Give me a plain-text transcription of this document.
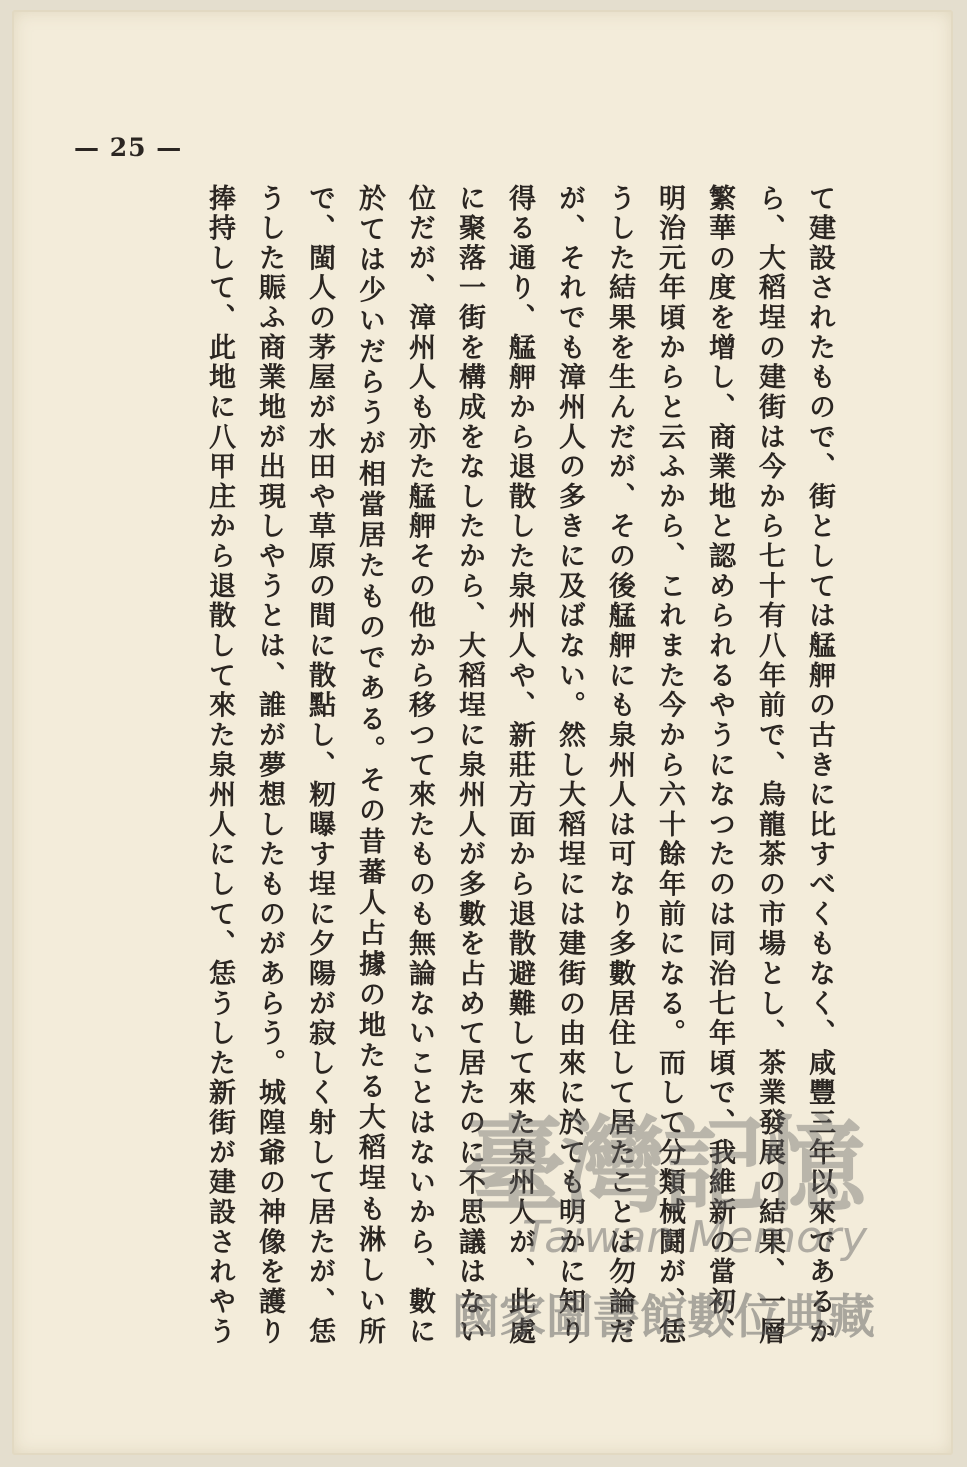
— 25 —

て建設されたもので、街としては艋舺の古きに比すべくもなく、咸豐三年以來であるか

ら、大稻埕の建街は今から七十有八年前で、烏龍茶の市場とし、茶業發展の結果、一層

繁華の度を增し、商業地と認められるやうになつたのは同治七年頃で、我維新の當初、

明治元年頃からと云ふから、これまた今から六十餘年前になる。而して分類械鬪が、恁

うした結果を生んだが、その後艋舺にも泉州人は可なり多數居住して居たことは勿論だ

が、それでも漳州人の多きに及ばない。然し大稻埕には建街の由來に於ても明かに知り

得る通り、艋舺から退散した泉州人や、新莊方面から退散避難して來た泉州人が、此處

に聚落一街を構成をなしたから、大稻埕に泉州人が多數を占めて居たのに不思議はない

位だが、漳州人も亦た艋舺その他から移つて來たものも無論ないことはないから、數に

於ては少いだらうが相當居たものである。その昔蕃人占據の地たる大稻埕も淋しい所

で、閩人の茅屋が水田や草原の間に散點し、籾曝す埕に夕陽が寂しく射して居たが、恁

うした賑ふ商業地が出現しやうとは、誰が夢想したものがあらう。城隍爺の神像を護り

捧持して、此地に八甲庄から退散して來た泉州人にして、恁うした新街が建設されやう 臺灣記憶
Taiwan Memory
國家圖書館數位典藏
